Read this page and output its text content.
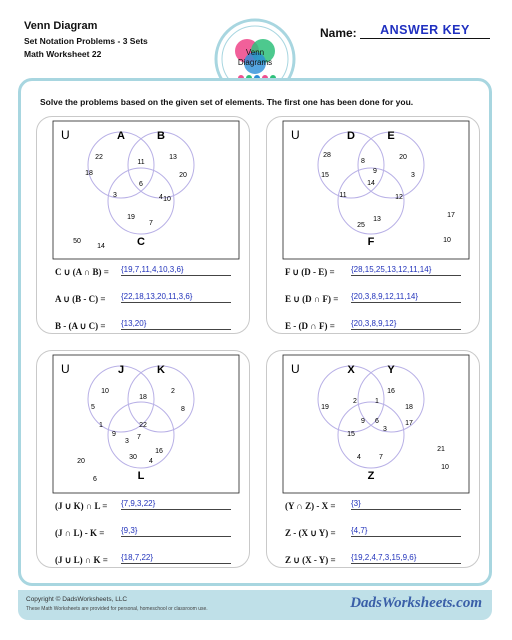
Venn Diagram
Set Notation Problems - 3 Sets
Math Worksheet 22	Venn
Diagrams
Name:	ANSWER KEY
Solve the problems based on the given set of elements. The first one has been done for you.
U	A	B
C
22
18
13
20
19
7
11
3	4 10
6
50
14
C ∪ (A ∩ B) = {19,7,11,4,10,3,6}
A ∪ (B - C) = {22,18,13,20,11,3,6}
B - (A ∪ C) = {13,20}
U	D	E
F
28
15
20
3
25
13
8
9
11	12
14
17
10
F ∪ (D - E) = {28,15,25,13,12,11,14}
E ∪ (D ∩ F) = {20,3,8,9,12,11,14}
E - (D ∩ F) = {20,3,8,9,12}
U	J	K
L
10
5
1
2
8
30
4
18
9
3
16
22
7
20
6
(J ∪ K) ∩ L = {7,9,3,22}
(J ∩ L) - K = {9,3}
(J ∪ L) ∩ K = {18,7,22}
U	X	Y
Z
19
16
18
17
4	7
2	1
15
3
9 6
21
10
(Y ∩ Z) - X = {3}
Z - (X ∪ Y) = {4,7}
Z ∪ (X - Y) = {19,2,4,7,3,15,9,6}
Copyright © DadsWorksheets, LLC
These Math Worksheets are provided for personal, homeschool or classroom use.	DadsWorksheets.com
